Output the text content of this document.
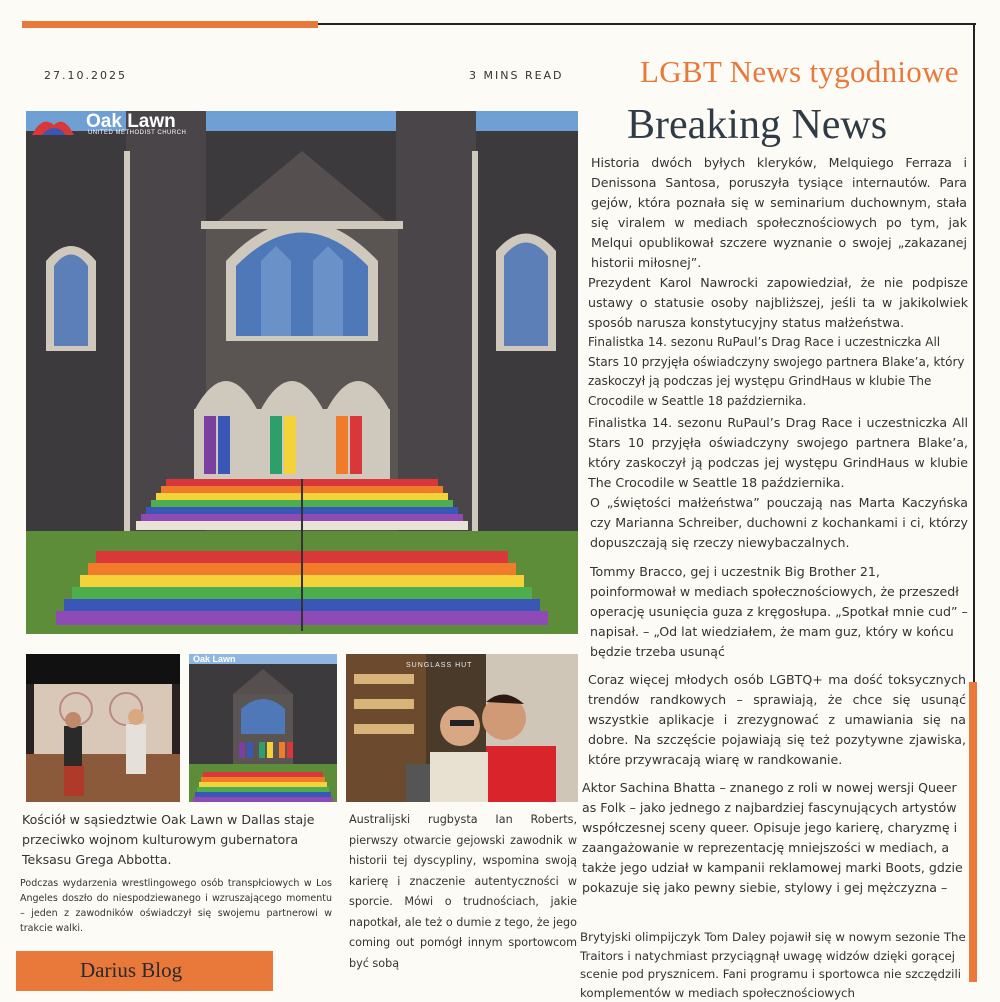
27.10.2025	3 MINS READ LGBT News tygodniowe
Breaking News
Oak Lawn
UNITED METHODIST CHURCH
Oak Lawn
SUNGLASS HUT
Historia dwóch byłych kleryków, Melquiego Ferraza i Denissona Santosa, poruszyła tysiące internautów. Para gejów, która poznała się w seminarium duchownym, stała się viralem w mediach społecznościowych po tym, jak Melqui opublikował szczere wyznanie o swojej „zakazanej historii miłosnej”.
Prezydent Karol Nawrocki zapowiedział, że nie podpisze ustawy o statusie osoby najbliższej, jeśli ta w jakikolwiek sposób narusza konstytucyjny status małżeństwa.
Finalistka 14. sezonu RuPaul’s Drag Race i uczestniczka All Stars 10 przyjęła oświadczyny swojego partnera Blake’a, który zaskoczył ją podczas jej występu GrindHaus w klubie The Crocodile w Seattle 18 października.
Finalistka 14. sezonu RuPaul’s Drag Race i uczestniczka All Stars 10 przyjęła oświadczyny swojego partnera Blake’a, który zaskoczył ją podczas jej występu GrindHaus w klubie The Crocodile w Seattle 18 października.
O „świętości małżeństwa” pouczają nas Marta Kaczyńska czy Marianna Schreiber, duchowni z kochankami i ci, którzy dopuszczają się rzeczy niewybaczalnych.
Tommy Bracco, gej i uczestnik Big Brother 21, poinformował w mediach społecznościowych, że przeszedł operację usunięcia guza z kręgosłupa. „Spotkał mnie cud” – napisał. – „Od lat wiedziałem, że mam guz, który w końcu będzie trzeba usunąć
Coraz więcej młodych osób LGBTQ+ ma dość toksycznych trendów randkowych – sprawiają, że chce się usunąć wszystkie aplikacje i zrezygnować z umawiania się na dobre. Na szczęście pojawiają się też pozytywne zjawiska, które przywracają wiarę w randkowanie.
Aktor Sachina Bhatta – znanego z roli w nowej wersji Queer as Folk – jako jednego z najbardziej fascynujących artystów współczesnej sceny queer. Opisuje jego karierę, charyzmę i zaangażowanie w reprezentację mniejszości w mediach, a także jego udział w kampanii reklamowej marki Boots, gdzie pokazuje się jako pewny siebie, stylowy i gej mężczyzna –
Brytyjski olimpijczyk Tom Daley pojawił się w nowym sezonie The Traitors i natychmiast przyciągnął uwagę widzów dzięki gorącej scenie pod prysznicem. Fani programu i sportowca nie szczędzili komplementów w mediach społecznościowych
Kościół w sąsiedztwie Oak Lawn w Dallas staje przeciwko wojnom kulturowym gubernatora Teksasu Grega Abbotta.
Podczas wydarzenia wrestlingowego osób transpłciowych w Los Angeles doszło do niespodziewanego i wzruszającego momentu – jeden z zawodników oświadczył się swojemu partnerowi w trakcie walki.
Australijski rugbysta Ian Roberts, pierwszy otwarcie gejowski zawodnik w historii tej dyscypliny, wspomina swoją karierę i znaczenie autentyczności w sporcie. Mówi o trudnościach, jakie napotkał, ale też o dumie z tego, że jego coming out pomógł innym sportowcom być sobą
Darius Blog
